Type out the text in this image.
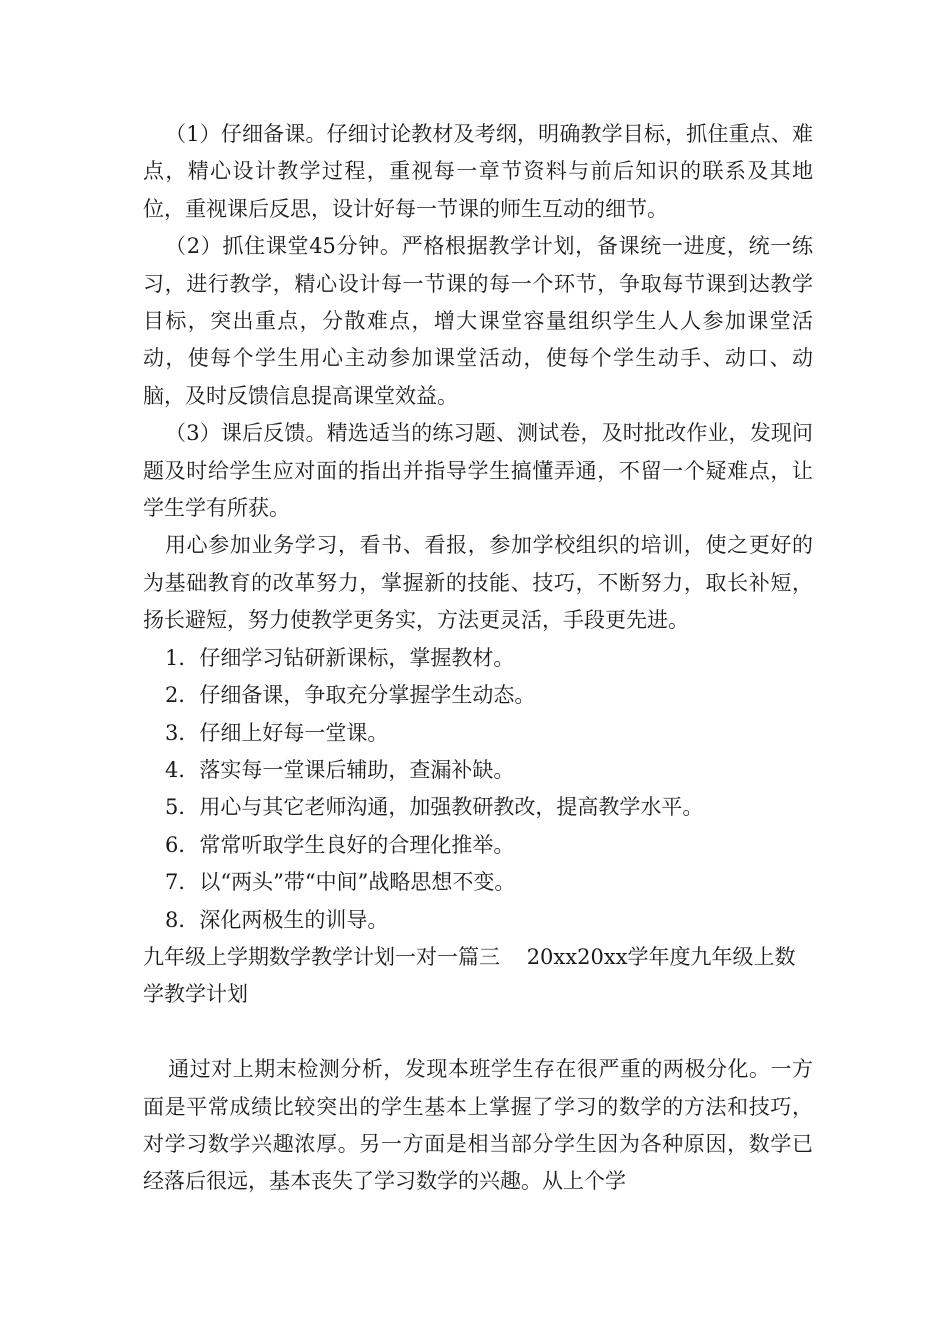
（1）仔细备课。仔细讨论教材及考纲，明确教学目标，抓住重点、难点，精心设计教学过程，重视每一章节资料与前后知识的联系及其地位，重视课后反思，设计好每一节课的师生互动的细节。

（2）抓住课堂45分钟。严格根据教学计划，备课统一进度，统一练习，进行教学，精心设计每一节课的每一个环节，争取每节课到达教学目标，突出重点，分散难点，增大课堂容量组织学生人人参加课堂活动，使每个学生用心主动参加课堂活动，使每个学生动手、动口、动脑，及时反馈信息提高课堂效益。

（3）课后反馈。精选适当的练习题、测试卷，及时批改作业，发现问题及时给学生应对面的指出并指导学生搞懂弄通，不留一个疑难点，让学生学有所获。

用心参加业务学习，看书、看报，参加学校组织的培训，使之更好的为基础教育的改革努力，掌握新的技能、技巧，不断努力，取长补短，扬长避短，努力使教学更务实，方法更灵活，手段更先进。

1．仔细学习钻研新课标，掌握教材。

2．仔细备课，争取充分掌握学生动态。

3．仔细上好每一堂课。

4．落实每一堂课后辅助，查漏补缺。

5．用心与其它老师沟通，加强教研教改，提高教学水平。

6．常常听取学生良好的合理化推举。

7．以“两头”带“中间”战略思想不变。

8．深化两极生的训导。

九年级上学期数学教学计划一对一篇三    20xx20xx学年度九年级上数学教学计划

通过对上期末检测分析，发现本班学生存在很严重的两极分化。一方面是平常成绩比较突出的学生基本上掌握了学习的数学的方法和技巧，对学习数学兴趣浓厚。另一方面是相当部分学生因为各种原因，数学已经落后很远，基本丧失了学习数学的兴趣。从上个学
